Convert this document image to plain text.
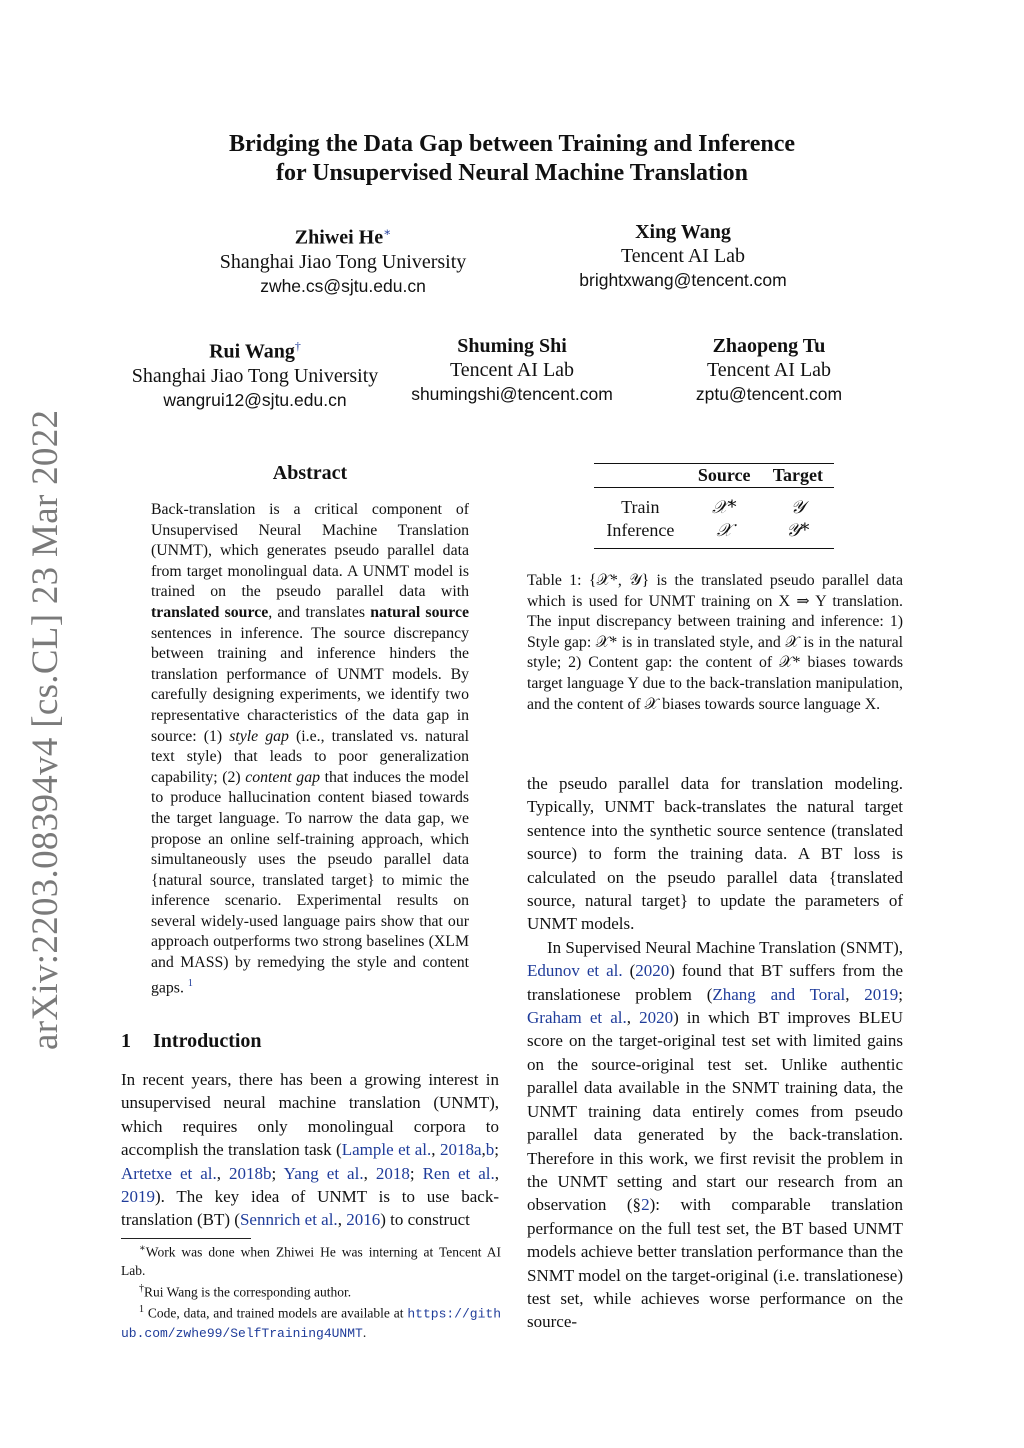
arXiv:2203.08394v4 [cs.CL] 23 Mar 2022
Bridging the Data Gap between Training and Inference
for Unsupervised Neural Machine Translation
Zhiwei He∗
Shanghai Jiao Tong University
zwhe.cs@sjtu.edu.cn
Xing Wang
Tencent AI Lab
brightxwang@tencent.com
Rui Wang†
Shanghai Jiao Tong University
wangrui12@sjtu.edu.cn
Shuming Shi
Tencent AI Lab
shumingshi@tencent.com
Zhaopeng Tu
Tencent AI Lab
zptu@tencent.com
Abstract

Back-translation is a critical component of Unsupervised Neural Machine Translation (UNMT), which generates pseudo parallel data from target monolingual data. A UNMT model is trained on the pseudo parallel data with translated source, and translates natural source sentences in inference. The source discrepancy between training and inference hinders the translation performance of UNMT models. By carefully designing experiments, we identify two representative characteristics of the data gap in source: (1) style gap (i.e., translated vs. natural text style) that leads to poor generalization capability; (2) content gap that induces the model to produce hallucination content biased towards the target language. To narrow the data gap, we propose an online self-training approach, which simultaneously uses the pseudo parallel data {natural source, translated target} to mimic the inference scenario. Experimental results on several widely-used language pairs show that our approach outperforms two strong baselines (XLM and MASS) by remedying the style and content gaps. $^1$

1 Introduction

In recent years, there has been a growing interest in unsupervised neural machine translation (UNMT), which requires only monolingual corpora to accomplish the translation task (Lample et al., 2018a,b; Artetxe et al., 2018b; Yang et al., 2018; Ren et al., 2019). The key idea of UNMT is to use back-translation (BT) (Sennrich et al., 2016) to construct

∗Work was done when Zhiwei He was interning at Tencent AI Lab.

†Rui Wang is the corresponding author.

$^1$ Code, data, and trained models are available at https://github.com/zwhe99/SelfTraining4UNMT.

	Source	Target
Train	𝒳*	𝒴
Inference	𝒳	𝒴*

Table 1: {𝒳*, 𝒴} is the translated pseudo parallel data which is used for UNMT training on X ⇒ Y translation. The input discrepancy between training and inference: 1) Style gap: 𝒳* is in translated style, and 𝒳 is in the natural style; 2) Content gap: the content of 𝒳* biases towards target language Y due to the back-translation manipulation, and the content of 𝒳 biases towards source language X.

the pseudo parallel data for translation modeling. Typically, UNMT back-translates the natural target sentence into the synthetic source sentence (translated source) to form the training data. A BT loss is calculated on the pseudo parallel data {translated source, natural target} to update the parameters of UNMT models.

In Supervised Neural Machine Translation (SNMT), Edunov et al. (2020) found that BT suffers from the translationese problem (Zhang and Toral, 2019; Graham et al., 2020) in which BT improves BLEU score on the target-original test set with limited gains on the source-original test set. Unlike authentic parallel data available in the SNMT training data, the UNMT training data entirely comes from pseudo parallel data generated by the back-translation. Therefore in this work, we first revisit the problem in the UNMT setting and start our research from an observation (§2): with comparable translation performance on the full test set, the BT based UNMT models achieve better translation performance than the SNMT model on the target-original (i.e. translationese) test set, while achieves worse performance on the source-
